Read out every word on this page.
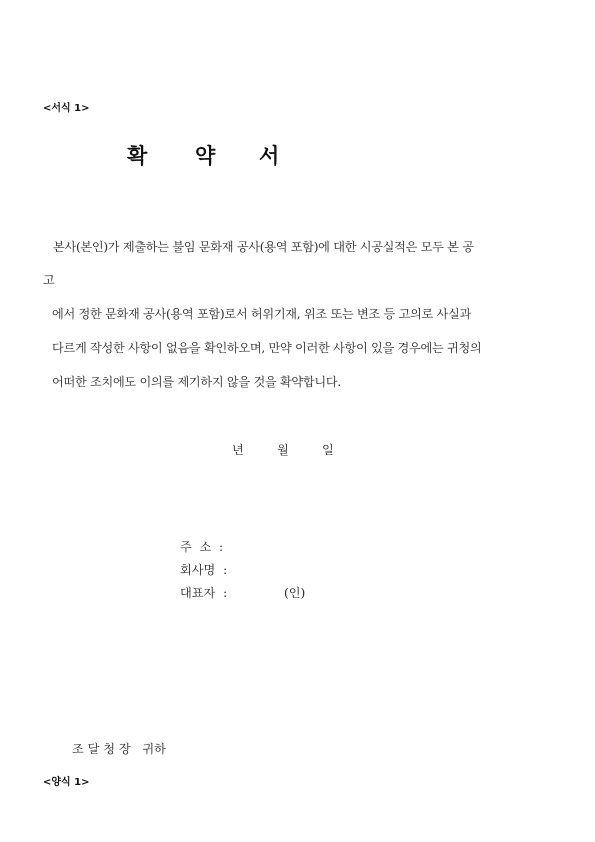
<서식 1>
확 약 서
본사(본인)가 제출하는 불임 문화재 공사(용역 포함)에 대한 시공실적은 모두 본 공
고
에서 정한 문화재 공사(용역 포함)로서 허위기재, 위조 또는 변조 등 고의로 사실과
다르게 작성한 사항이 없음을 확인하오며, 만약 이러한 사항이 있을 경우에는 귀청의
어떠한 조치에도 이의를 제기하지 않을 것을 확약합니다.
년	월	일
주  소  :
회사명  :
대표자  :	(인)
조 달 청 장   귀하
<양식 1>
